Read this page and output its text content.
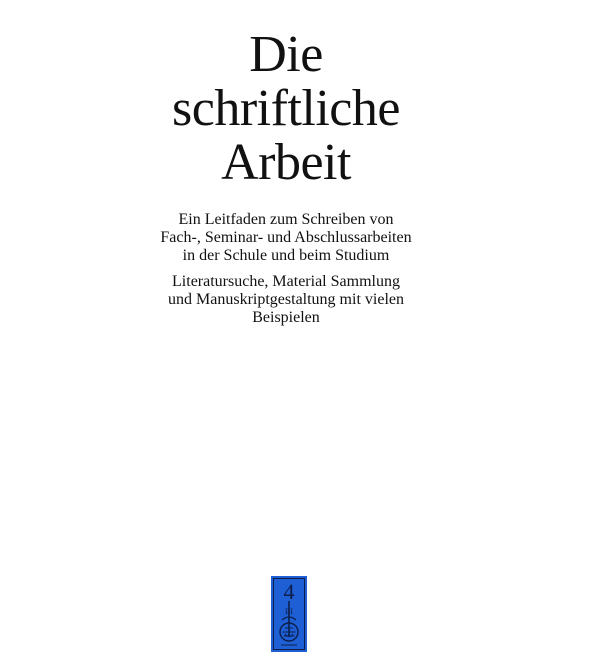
Die
schriftliche
Arbeit

Ein Leitfaden zum Schreiben von
Fach-, Seminar- und Abschlussarbeiten
in der Schule und beim Studium

Literatursuche, Material Sammlung
und Manuskriptgestaltung mit vielen
Beispielen

4
BI
